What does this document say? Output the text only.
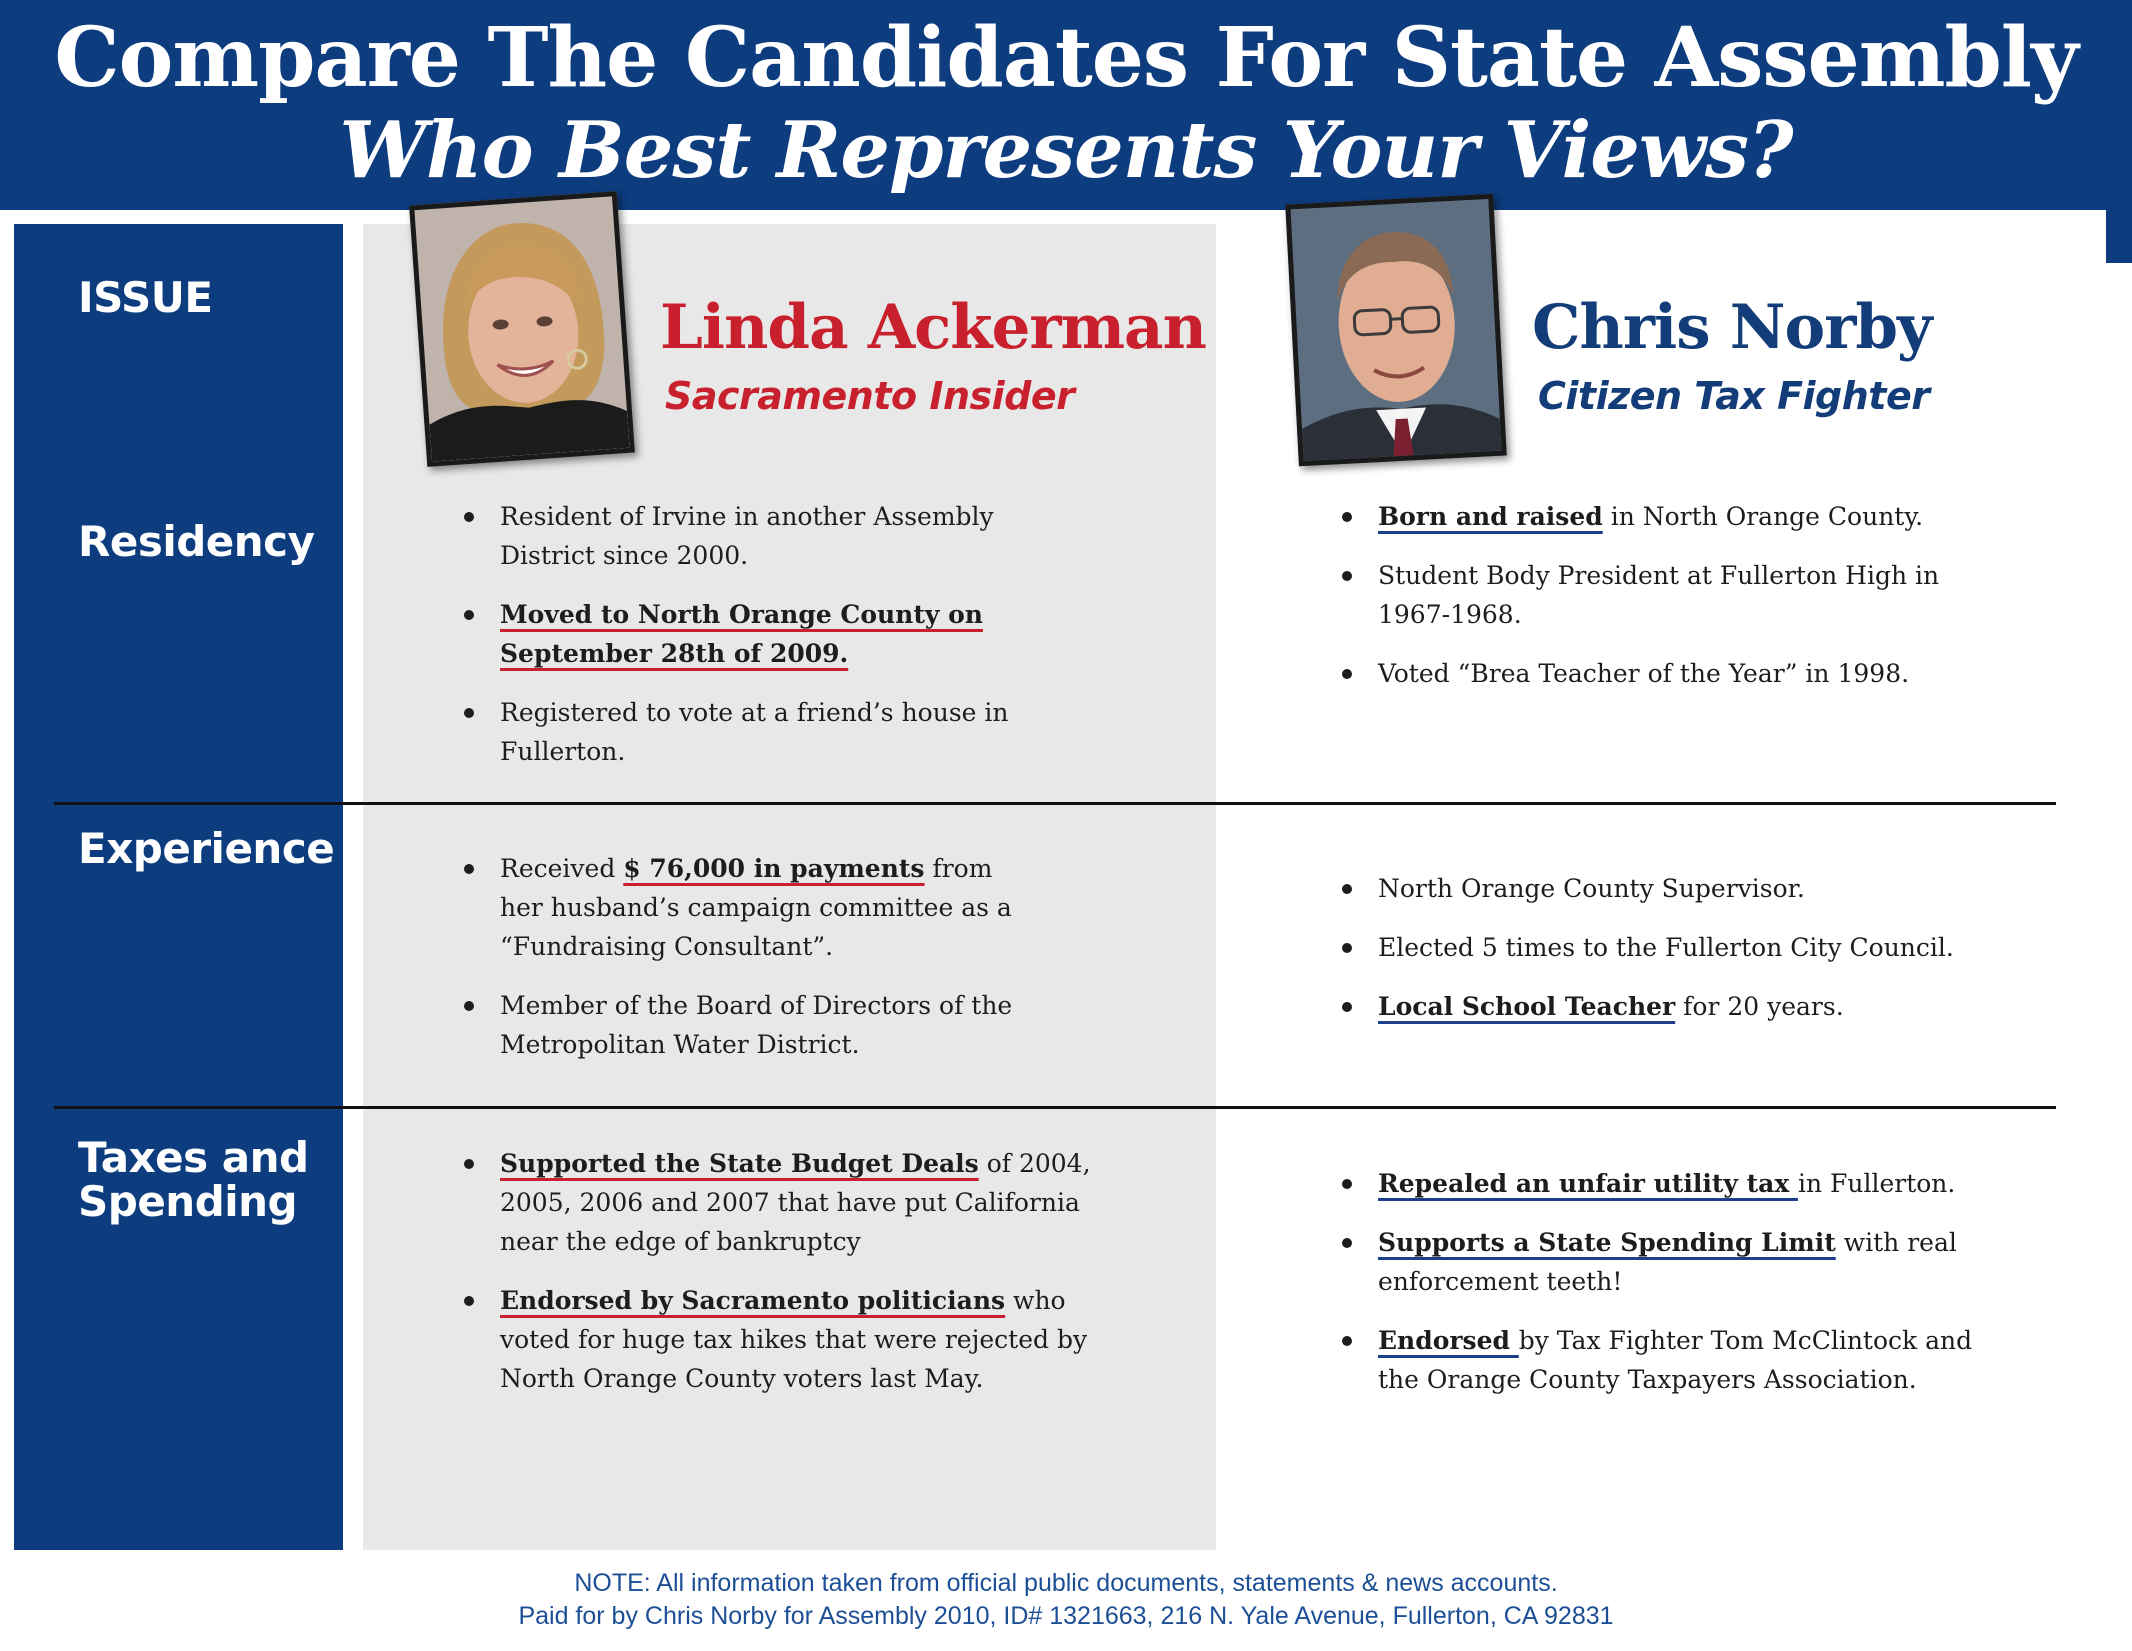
Compare The Candidates For State Assembly
Who Best Represents Your Views?
ISSUE
Residency
Experience
Taxes and
Spending
Linda Ackerman
Sacramento Insider
Chris Norby
Citizen Tax Fighter
Resident of Irvine in another Assembly District since 2000.
Moved to North Orange County on September 28th of 2009.
Registered to vote at a friend’s house in Fullerton.
Received $ 76,000 in payments from her husband’s campaign committee as a “Fundraising Consultant”.
Member of the Board of Directors of the Metropolitan Water District.
Supported the State Budget Deals of 2004, 2005, 2006 and 2007 that have put California near the edge of bankruptcy
Endorsed by Sacramento politicians who voted for huge tax hikes that were rejected by North Orange County voters last May.
Born and raised in North Orange County.
Student Body President at Fullerton High in 1967-1968.
Voted “Brea Teacher of the Year” in 1998.
North Orange County Supervisor.
Elected 5 times to the Fullerton City Council.
Local School Teacher for 20 years.
Repealed an unfair utility tax in Fullerton.
Supports a State Spending Limit with real enforcement teeth!
Endorsed by Tax Fighter Tom McClintock and the Orange County Taxpayers Association.
NOTE: All information taken from official public documents, statements & news accounts.
Paid for by Chris Norby for Assembly 2010, ID# 1321663, 216 N. Yale Avenue, Fullerton, CA 92831
